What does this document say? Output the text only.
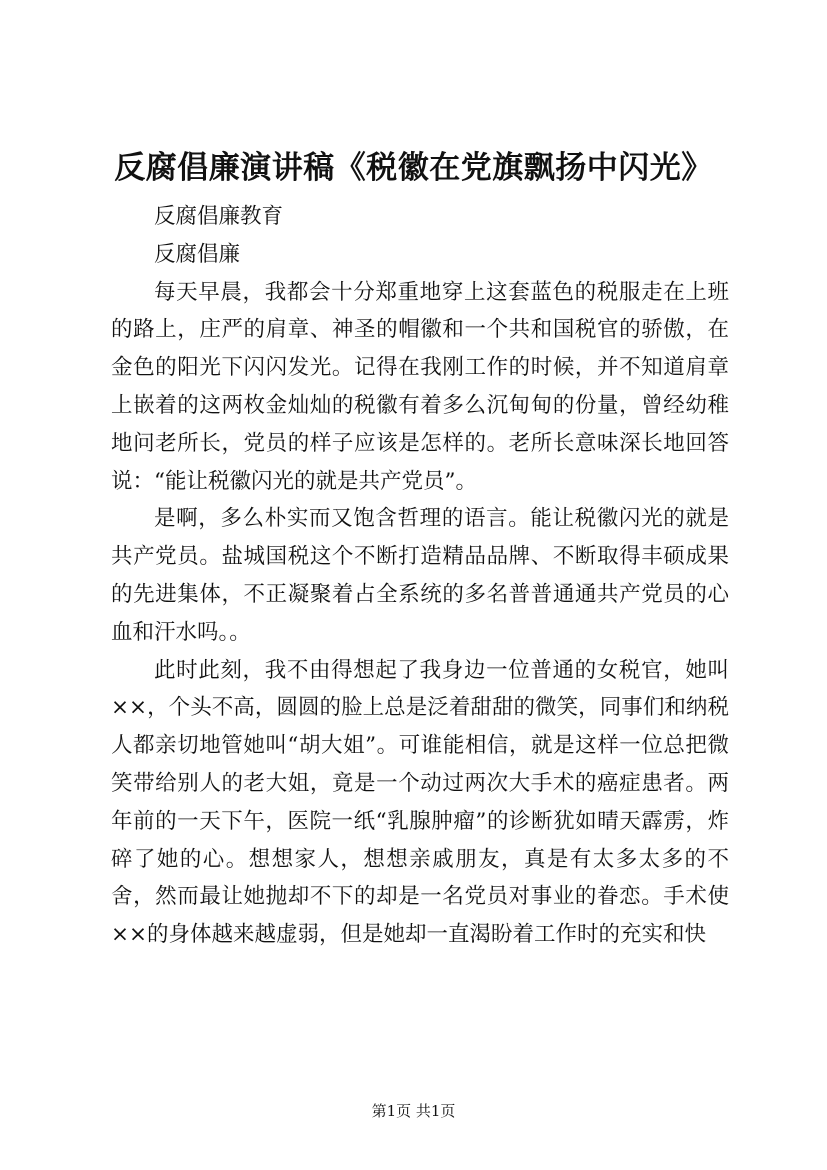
反腐倡廉演讲稿《税徽在党旗飘扬中闪光》

反腐倡廉教育

反腐倡廉

每天早晨，我都会十分郑重地穿上这套蓝色的税服走在上班的路上，庄严的肩章、神圣的帽徽和一个共和国税官的骄傲，在金色的阳光下闪闪发光。记得在我刚工作的时候，并不知道肩章上嵌着的这两枚金灿灿的税徽有着多么沉甸甸的份量，曾经幼稚地问老所长，党员的样子应该是怎样的。老所长意味深长地回答说：“能让税徽闪光的就是共产党员”。

是啊，多么朴实而又饱含哲理的语言。能让税徽闪光的就是共产党员。盐城国税这个不断打造精品品牌、不断取得丰硕成果的先进集体，不正凝聚着占全系统的多名普普通通共产党员的心血和汗水吗。。

此时此刻，我不由得想起了我身边一位普通的女税官，她叫××，个头不高，圆圆的脸上总是泛着甜甜的微笑，同事们和纳税人都亲切地管她叫“胡大姐”。可谁能相信，就是这样一位总把微笑带给别人的老大姐，竟是一个动过两次大手术的癌症患者。两年前的一天下午，医院一纸“乳腺肿瘤”的诊断犹如晴天霹雳，炸碎了她的心。想想家人，想想亲戚朋友，真是有太多太多的不舍，然而最让她抛却不下的却是一名党员对事业的眷恋。手术使××的身体越来越虚弱，但是她却一直渴盼着工作时的充实和快

第1页 共1页
